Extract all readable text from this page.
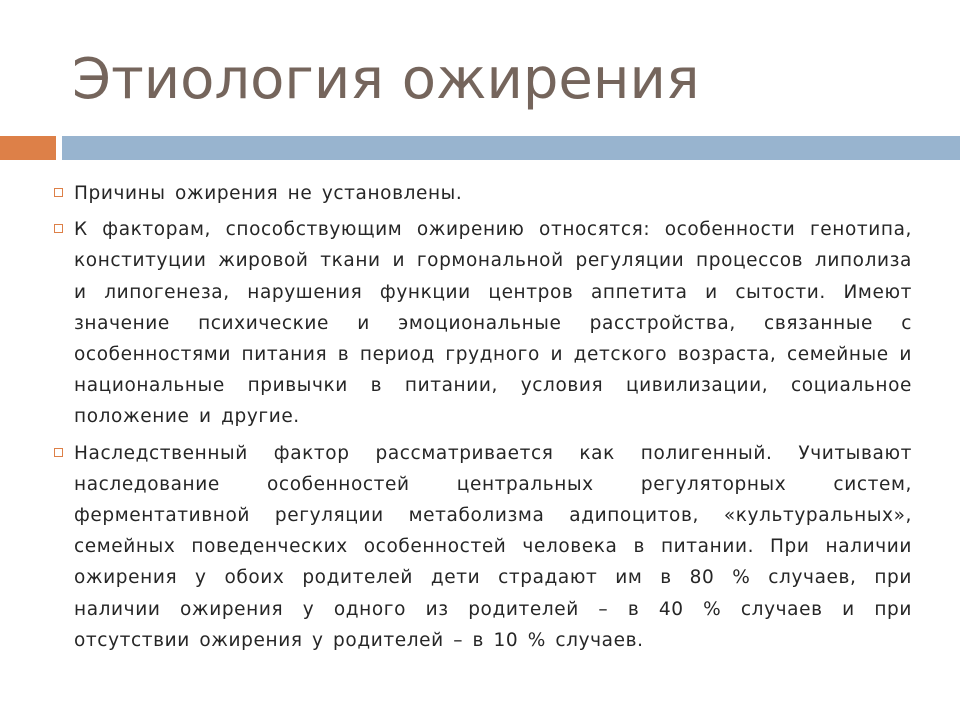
Этиология ожирения
Причины ожирения не установлены.
К факторам, способствующим ожирению относятся: особенности генотипа, конституции жировой ткани и гормональной регуляции процессов липолиза и липогенеза, нарушения функции центров аппетита и сытости. Имеют значение психические и эмоциональные расстройства, связанные с особенностями питания в период грудного и детского возраста, семейные и национальные привычки в питании, условия цивилизации, социальное положение и другие.
Наследственный фактор рассматривается как полигенный. Учитывают наследование особенностей центральных регуляторных систем, ферментативной регуляции метаболизма адипоцитов, «культуральных», семейных поведенческих особенностей человека в питании. При наличии ожирения у обоих родителей дети страдают им в 80 % случаев, при наличии ожирения у одного из родителей – в 40 % случаев и при отсутствии ожирения у родителей – в 10 % случаев.
